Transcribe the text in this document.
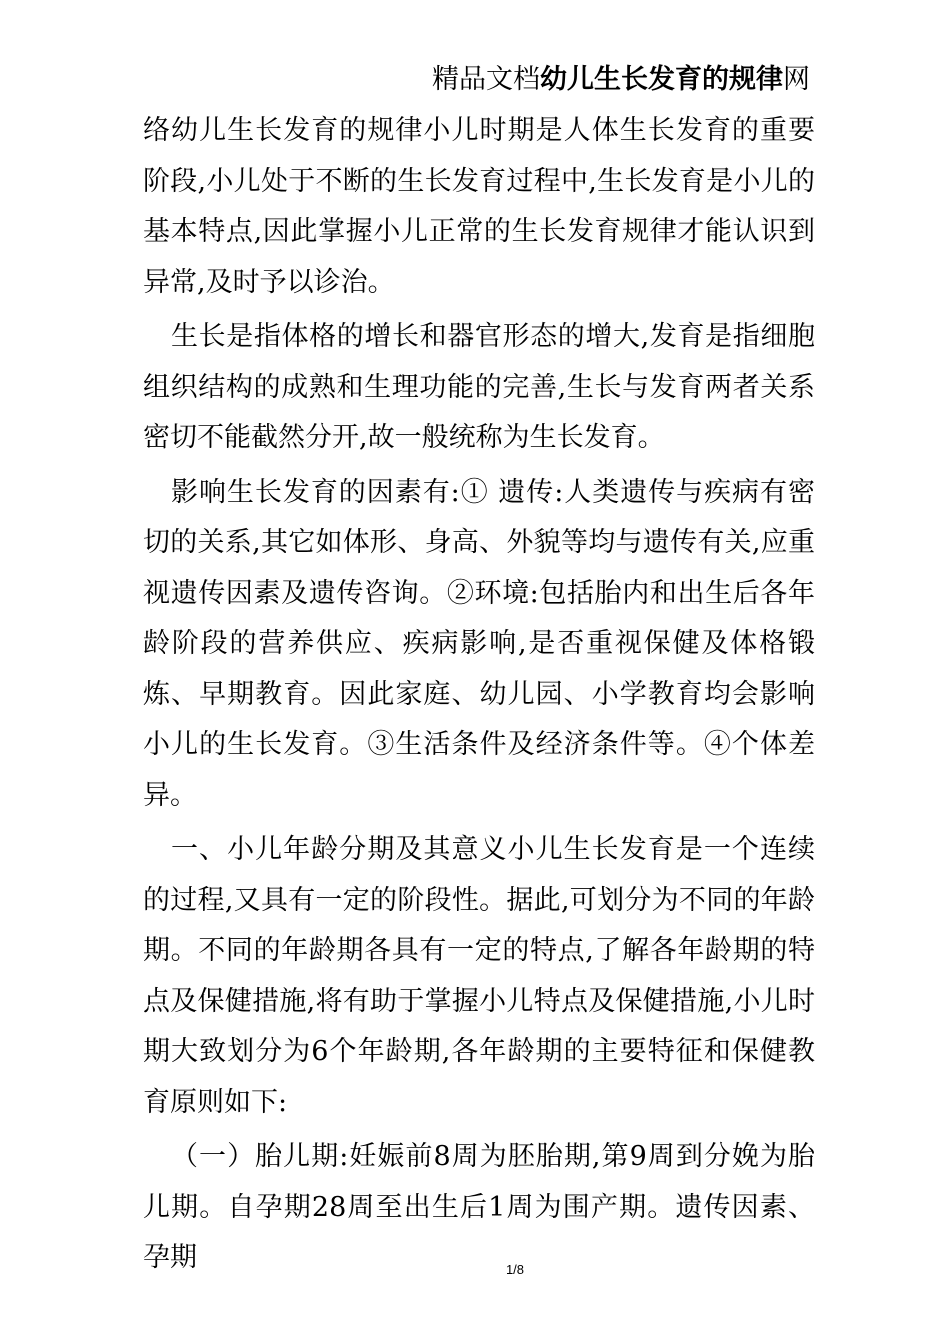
精品文档幼儿生长发育的规律网

络幼儿生长发育的规律小儿时期是人体生长发育的重要阶段,小儿处于不断的生长发育过程中,生长发育是小儿的基本特点,因此掌握小儿正常的生长发育规律才能认识到异常,及时予以诊治。

生长是指体格的增长和器官形态的增大,发育是指细胞组织结构的成熟和生理功能的完善,生长与发育两者关系密切不能截然分开,故一般统称为生长发育。

影响生长发育的因素有:① 遗传:人类遗传与疾病有密切的关系,其它如体形、身高、外貌等均与遗传有关,应重视遗传因素及遗传咨询。②环境:包括胎内和出生后各年龄阶段的营养供应、疾病影响,是否重视保健及体格锻炼、早期教育。因此家庭、幼儿园、小学教育均会影响小儿的生长发育。③生活条件及经济条件等。④个体差异。

一、小儿年龄分期及其意义小儿生长发育是一个连续的过程,又具有一定的阶段性。据此,可划分为不同的年龄期。不同的年龄期各具有一定的特点,了解各年龄期的特点及保健措施,将有助于掌握小儿特点及保健措施,小儿时期大致划分为6个年龄期,各年龄期的主要特征和保健教育原则如下:

（一）胎儿期:妊娠前8周为胚胎期,第9周到分娩为胎儿期。自孕期28周至出生后1周为围产期。遗传因素、孕期	1/8
